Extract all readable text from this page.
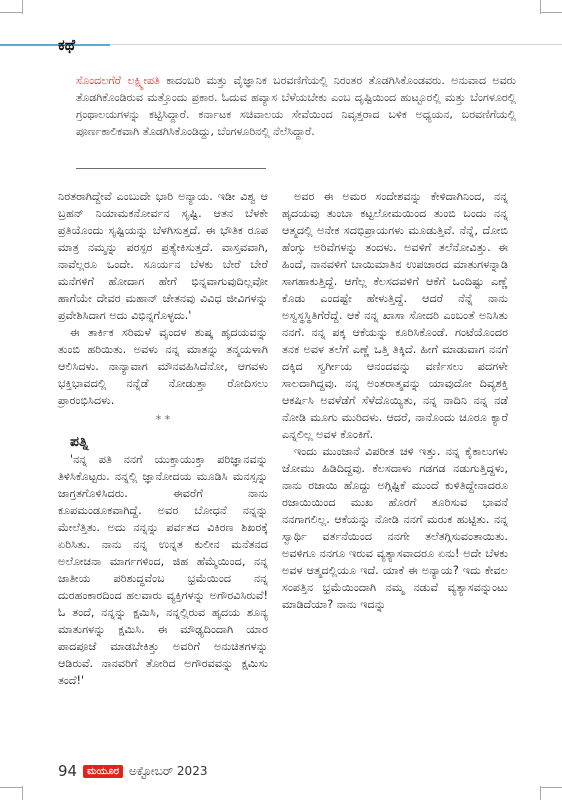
ಕಥೆ
ಸೊಂದಲಗೆರೆ ಲಕ್ಷ್ಮೀಪತಿ ಕಾದಂಬರಿ ಮತ್ತು ವೈಜ್ಞಾನಿಕ ಬರವಣಿಗೆಯಲ್ಲಿ ನಿರಂತರ ತೊಡಗಿಸಿಕೊಂಡವರು. ಅನುವಾದ ಅವರು ತೊಡಗಿಕೊಂಡಿರುವ ಮತ್ತೊಂದು ಪ್ರಕಾರ. ಓದುವ ಹವ್ಯಾಸ ಬೆಳೆಯಬೇಕು ಎಂಬ ದೃಷ್ಟಿಯಿಂದ ಹುಟ್ಟೂರಲ್ಲಿ ಮತ್ತು ಬೆಂಗಳೂರಲ್ಲಿ ಗ್ರಂಥಾಲಯಗಳನ್ನು ಕಟ್ಟಿಸಿದ್ದಾರೆ. ಕರ್ನಾಟಕ ಸಚಿವಾಲಯ ಸೇವೆಯಿಂದ ನಿವೃತ್ತರಾದ ಬಳಿಕ ಅಧ್ಯಯನ, ಬರವಣಿಗೆಯಲ್ಲಿ ಪೂರ್ಣಕಾಲಿಕವಾಗಿ ತೊಡಗಿಸಿಕೊಂಡಿದ್ದು, ಬೆಂಗಳೂರಿನಲ್ಲಿ ನೆಲೆಸಿದ್ದಾರೆ.

ನಿರತರಾಗಿದ್ದೇವೆ ಎಂಬುದೇ ಭಾರಿ ಅನ್ಯಾಯ. ಇಡೀ ವಿಶ್ವ ಆ ಬ್ರಹನ್ ನಿಯಾಮಕನೋರ್ವನ ಸೃಷ್ಟಿ. ಆತನ ಬೆಳಕೇ ಪ್ರತಿಯೊಂದು ಸೃಷ್ಟಿಯನ್ನು ಬೆಳಗಿಸುತ್ತದೆ. ಈ ಭೌತಿಕ ರೂಪ ಮಾತ್ರ ನಮ್ಮನ್ನು ಪರಸ್ಪರ ಪ್ರತ್ಯೇಕಿಸುತ್ತದೆ. ವಾಸ್ತವವಾಗಿ, ನಾವೆಲ್ಲರೂ ಒಂದೇ. ಸೂರ್ಯನ ಬೆಳಕು ಬೇರೆ ಬೇರೆ ಮನೆಗಳಿಗೆ ಹೋದಾಗ ಹೇಗೆ ಭಿನ್ನವಾಗುವುದಿಲ್ಲವೋ ಹಾಗೆಯೇ ದೇವರ ಮಹಾನ್ ಚೇತನವು ವಿವಿಧ ಜೀವಿಗಳನ್ನು ಪ್ರವೇಶಿಸಿದಾಗ ಅದು ವಿಭಿನ್ನಗೊಳ್ಳದು.'

ಈ ತಾರ್ಕಿಕ ಸರಿಮಳೆ ವೃಂದಳ ಶುಷ್ಕ ಹೃದಯವನ್ನು ತುಂಬಿ ಹರಿಯಿತು. ಅವಳು ನನ್ನ ಮಾತನ್ನು ತನ್ಮಯಳಾಗಿ ಆಲಿಸಿದಳು. ನಾನ್ಯಾವಾಗ ಮೌನವಹಿಸಿದೆನೋ, ಆಗವಳು ಭಕ್ತಿಭಾವದಲ್ಲಿ ನನ್ನೆಡೆ ನೋಡುತ್ತಾ ರೋದಿಸಲು ಪ್ರಾರಂಭಿಸಿದಳು.

* *

ಪತ್ನಿ

'ನನ್ನ ಪತಿ ನನಗೆ ಯುಕ್ತಾಯುಕ್ತಾ ಪರಿಜ್ಞಾನವನ್ನು ತಿಳಿಸಿಕೊಟ್ಟರು. ನನ್ನಲ್ಲಿ ಜ್ಞಾನೋದಯ ಮೂಡಿಸಿ ಮನಸ್ಸನ್ನು ಜಾಗ್ರತಗೊಳಿಸಿದರು. ಈವರೆಗೆ ನಾನು ಕೂಪಮಂಡೂಕವಾಗಿದ್ದೆ. ಅವರ ಬೋಧನೆ ನನ್ನನ್ನು ಮೇಲೆತ್ತಿತು. ಅದು ನನ್ನನ್ನು ಪರ್ವತದ ವಿಕಿರಣ ಶಿಖರಕ್ಕೆ ಏರಿಸಿತು. ನಾನು ನನ್ನ ಉನ್ನತ ಕುಲೀನ ಮನೆತನದ ಅಲೋಚನಾ ಮಾರ್ಗಗಳಿಂದ, ಜಿಹ ಹೆಮ್ಮೆಯಿಂದ, ನನ್ನ ಜಾತೀಯ ಪರಿಶುದ್ಧವೆಂಬ ಭ್ರಮೆಯಿಂದ ನನ್ನ ದುರಹಂಕಾರದಿಂದ ಹಲವಾರು ವ್ಯಕ್ತಿಗಳನ್ನು ಅಗೌರವಿಸಿರುವೆ! ಓ ತಂದೆ, ನನ್ನನ್ನು ಕ್ಷಮಿಸಿ, ನನ್ನಲ್ಲಿರುವ ಹೃದಯ ಶೂನ್ಯ ಮಾತುಗಳನ್ನು ಕ್ಷಮಿಸಿ. ಈ ಮೌಢ್ಯದಿಂದಾಗಿ ಯಾರ ಪಾದಪೂಜೆ ಮಾಡಬೇಕಿತ್ತು ಅವರಿಗೆ ಅನುಚಿತಗಳನ್ನು ಆಡಿರುವೆ. ನಾನವರಿಗೆ ತೋರಿದ ಅಗೌರವವನ್ನು ಕ್ಷಮಿಸು ತಂದೆ!'

ಅವರ ಈ ಅಮರ ಸಂದೇಶವನ್ನು ಕೇಳಿದಾಗಿನಿಂದ, ನನ್ನ ಹೃದಯವು ತುಂಬಾ ಕಟ್ಟಲೋಮಯಿಂದ ತುಂಬಿ ಬಂದು ನನ್ನ ಆತ್ಮದಲ್ಲಿ ಅನೇಕ ಸದಭಿಪ್ರಾಯಗಳು ಮೂಡುತ್ತಿವೆ. ನೆನ್ನೆ, ದೋಬಿ ಹೆಂಗ್ಸು ಅರಿವೆಗಳನ್ನು ತಂದಳು. ಅವಳಿಗೆ ತಲೆನೋವಿತ್ತು. ಈ ಹಿಂದೆ, ನಾನವಳಿಗೆ ಬಾಯಿಮಾತಿನ ಉಪಚಾರದ ಮಾತುಗಳನ್ನಾಡಿ ಸಾಗಹಾಕುತ್ತಿದ್ದೆ. ಆಗೆಲ್ಲ ಕೆಲಸದವಳಿಗೆ ಆಕೆಗೆ ಒಂದಿಷ್ಟು ಎಣ್ಣೆ ಕೊಡು ಎಂದಷ್ಟೇ ಹೇಳುತ್ತಿದ್ದೆ. ಆದರೆ ನೆನ್ನೆ ನಾನು ಅಸ್ವಸ್ಥಸ್ಥಿತಿಗೆರೆದ್ದೆ. ಆಕೆ ನನ್ನ ಖಾಸಾ ಸೋದರಿ ಎಂಬಂತೆ ಅನಿಸಿತು ನನಗೆ. ನನ್ನ ಪಕ್ಕ ಆಕೆಯನ್ನು ಕೂರಿಸಿಕೊಂಡೆ. ಗಂಟೆಯೊಂದರ ತನಕ ಅವಳ ತಲೆಗೆ ಎಣ್ಣೆ ಒತ್ತಿ ತಿಕ್ಕಿದೆ. ಹೀಗೆ ಮಾಡುವಾಗ ನನಗೆ ದಕ್ಕಿದ ಸ್ವರ್ಗೀಯ ಆನಂದವನ್ನು ವರ್ಣಿಸಲು ಪದಗಳೇ ಸಾಲದಾಗಿದ್ದವು. ನನ್ನ ಅಂತರಾತ್ಮವನ್ನು ಯಾವುದೋ ದಿವ್ಯಶಕ್ತಿ ಆಕರ್ಷಿಸಿ ಅವಳೆಡೆಗೆ ಸೆಳೆದೊಯ್ಯಿತು, ನನ್ನ ನಾದಿನಿ ನನ್ನ ನಡೆ ನೋಡಿ ಮೂಗು ಮುರಿದಳು. ಆದರೆ, ನಾನೊಂದು ಚೂರೂ ಕ್ಯಾರೆ ಎನ್ನಲಿಲ್ಲ ಅವಳ ಕೊಂಕಿಗೆ.

ಇಂದು ಮುಂಜಾನೆ ವಿಪರೀತ ಚಳಿ ಇತ್ತು. ನನ್ನ ಕೈಕಾಲುಗಳು ಜೋಮು ಹಿಡಿದಿದ್ದವು. ಕೆಲಸದಾಳು ಗಡಗಡ ನಡುಗುತ್ತಿದ್ದಳು, ನಾನು ರಜಾಯಿ ಹೊದ್ದು ಅಗ್ಗಿಷ್ಟಿಕೆ ಮುಂದೆ ಕುಳಿತಿದ್ದೇನಾದರೂ ರಜಾಯಿಯಿಂದ ಮುಖ ಹೊರಗೆ ತೂರಿಸುವ ಭಾವನೆ ನನಗಾಗಲಿಲ್ಲ. ಆಕೆಯನ್ನು ನೋಡಿ ನನಗೆ ಮರುಕ ಹುಟ್ಟಿತು. ನನ್ನ ಸ್ವಾರ್ಥಿ ವರ್ತನೆಯಿಂದ ನನಗೇ ತಲೆತಗ್ಗಿಸುವಂತಾಯಿತು. ಅವಳಿಗೂ ನನಗೂ ಇರುವ ವ್ಯತ್ಯಾಸವಾದರೂ ಏನು! ಅದೇ ಬೆಳಕು ಅವಳ ಆತ್ಮದಲ್ಲಿಯೂ ಇದೆ. ಯಾಕೆ ಈ ಅನ್ಯಾಯ? ಇದು ಕೇವಲ ಸಂಪತ್ತಿನ ಭ್ರಮೆಯಿಂದಾಗಿ ನಮ್ಮ ನಡುವೆ ವ್ಯತ್ಯಾಸವನ್ನುಂಟು ಮಾಡಿದೆಯಾ? ನಾನು ಇದನ್ನು

94	ಮಯೂರ ಅಕ್ಟೋಬರ್ 2023
